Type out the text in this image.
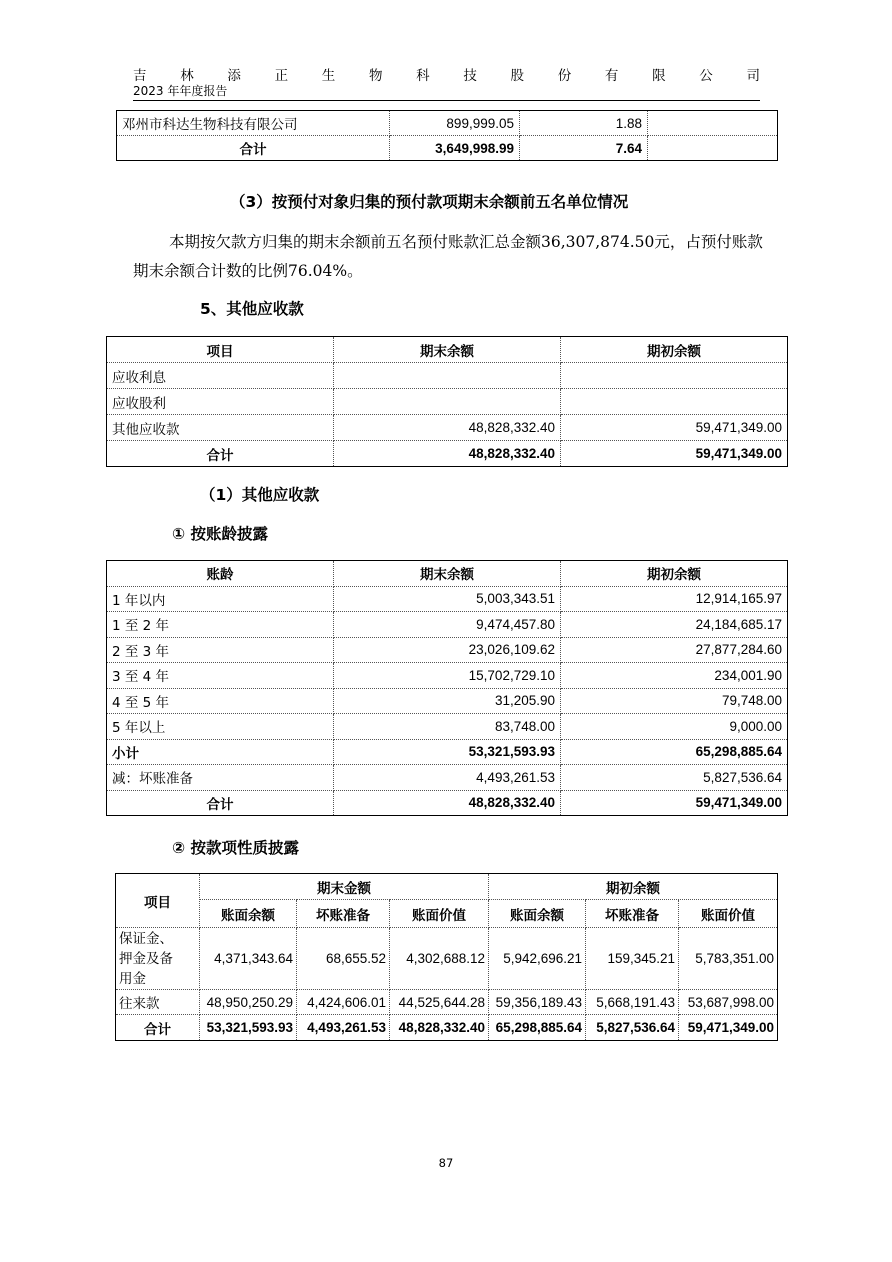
吉 林 添 正 生 物 科 技 股 份 有 限 公 司
2023 年年度报告
邓州市科达生物科技有限公司	899,999.05	1.88	
合计	3,649,998.99	7.64	
（3）按预付对象归集的预付款项期末余额前五名单位情况
本期按欠款方归集的期末余额前五名预付账款汇总金额36,307,874.50元，占预付账款期末余额合计数的比例76.04%。
5、其他应收款
项目	期末余额	期初余额
应收利息		
应收股利		
其他应收款	48,828,332.40	59,471,349.00
合计	48,828,332.40	59,471,349.00
（1）其他应收款
① 按账龄披露
账龄	期末余额	期初余额
1 年以内	5,003,343.51	12,914,165.97
1 至 2 年	9,474,457.80	24,184,685.17
2 至 3 年	23,026,109.62	27,877,284.60
3 至 4 年	15,702,729.10	234,001.90
4 至 5 年	31,205.90	79,748.00
5 年以上	83,748.00	9,000.00
小计	53,321,593.93	65,298,885.64
减：坏账准备	4,493,261.53	5,827,536.64
合计	48,828,332.40	59,471,349.00
② 按款项性质披露
项目	期末金额			期初余额		
	账面余额	坏账准备	账面价值	账面余额	坏账准备	账面价值

保证金、
押金及备
用金	4,371,343.64	68,655.52	4,302,688.12	5,942,696.21	159,345.21	5,783,351.00
往来款	48,950,250.29	4,424,606.01	44,525,644.28	59,356,189.43	5,668,191.43	53,687,998.00
合计	53,321,593.93	4,493,261.53	48,828,332.40	65,298,885.64	5,827,536.64	59,471,349.00
87
